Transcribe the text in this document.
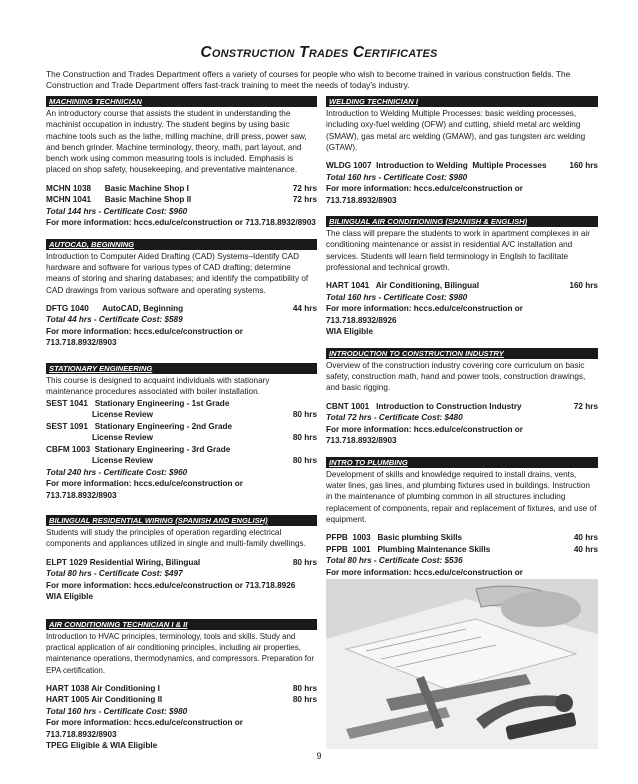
Construction Trades Certificates
The Construction and Trades Department offers a variety of courses for people who wish to become trained in various construction fields. The Construction and Trade Department offers fast-track training to meet the needs of today's industry.
MACHINING TECHNICIAN
An introductory course that assists the student in understanding the machinist occupation in industry. The student begins by using basic machine tools such as the lathe, milling machine, drill press, power saw, and bench grinder. Machine terminology, theory, math, part layout, and bench work using common measuring tools is included. Emphasis is placed on shop safety, housekeeping, and preventative maintenance.
MCHN 1038 Basic Machine Shop I	72 hrs
MCHN 1041 Basic Machine Shop II	72 hrs
Total 144 hrs - Certificate Cost: $960
For more information: hccs.edu/ce/construction or 713.718.8932/8903
AUTOCAD, BEGINNING
Introduction to Computer Aided Drafting (CAD) Systems–Identify CAD hardware and software for various types of CAD drafting; determine means of storing and sharing databases; and identify the compatibility of CAD drawings from various software and operating systems.
DFTG 1040 AutoCAD, Beginning	44 hrs
Total 44 hrs - Certificate Cost: $589
For more information: hccs.edu/ce/construction or
713.718.8932/8903
STATIONARY ENGINEERING
This course is designed to acquaint individuals with stationary maintenance procedures associated with boiler installation.
SEST 1041   Stationary Engineering - 1st Grade
License Review	80 hrs
SEST 1091   Stationary Engineering - 2nd Grade
License Review	80 hrs
CBFM 1003  Stationary Engineering - 3rd Grade
License Review	80 hrs
Total 240 hrs - Certificate Cost: $960
For more information: hccs.edu/ce/construction or
713.718.8932/8903
BILINGUAL RESIDENTIAL WIRING (SPANISH AND ENGLISH)
Students will study the principles of operation regarding electrical components and appliances utilized in single and multi-family dwellings.
ELPT 1029 Residential Wiring, Bilingual	80 hrs
Total 80 hrs - Certificate Cost: $497
For more information: hccs.edu/ce/construction or 713.718.8926
WIA Eligible
AIR CONDITIONING TECHNICIAN I & II
Introduction to HVAC principles, terminology, tools and skills. Study and practical application of air conditioning principles, including air properties, maintenance operations, thermodynamics, and compressors. Preparation for EPA certification.
HART 1038 Air Conditioning I	80 hrs
HART 1005 Air Conditioning II	80 hrs
Total 160 hrs - Certificate Cost: $980
For more information: hccs.edu/ce/construction or
713.718.8932/8903
TPEG Eligible & WIA Eligible
WELDING TECHNICIAN I
Introduction to Welding Multiple Processes: basic welding processes, including oxy-fuel welding (OFW) and cutting, shield metal arc welding (SMAW), gas metal arc welding (GMAW), and gas tungsten arc welding (GTAW).
WLDG 1007 Introduction to Welding  Multiple Processes	160 hrs
Total 160 hrs - Certificate Cost: $980
For more information: hccs.edu/ce/construction or
713.718.8932/8903
BILINGUAL AIR CONDITIONING (SPANISH & ENGLISH)
The class will prepare the students to work in apartment complexes in air conditioning maintenance or assist in residential A/C installation and services. Students will learn field terminology in English to facilitate professional and technical growth.
HART 1041 Air Conditioning, Bilingual	160 hrs
Total 160 hrs - Certificate Cost: $980
For more information: hccs.edu/ce/construction or
713.718.8932/8926
WIA Eligible
INTRODUCTION TO CONSTRUCTION INDUSTRY
Overview of the construction industry covering core curriculum on basic safety, construction math, hand and power tools, construction drawings, and basic rigging.
CBNT 1001 Introduction to Construction Industry	72 hrs
Total 72 hrs - Certificate Cost: $480
For more information: hccs.edu/ce/construction or
713.718.8932/8903
INTRO TO PLUMBING
Development of skills and knowledge required to install drains, vents, water lines, gas lines, and plumbing fixtures used in buildings. Instruction in the maintenance of plumbing common in all structures including replacement of components, repair and replacement of fixtures, and use of equipment.
PFPB  1003 Basic plumbing Skills	40 hrs
PFPB  1001 Plumbing Maintenance Skills	40 hrs
Total 80 hrs - Certificate Cost: $536
For more information: hccs.edu/ce/construction or
9
